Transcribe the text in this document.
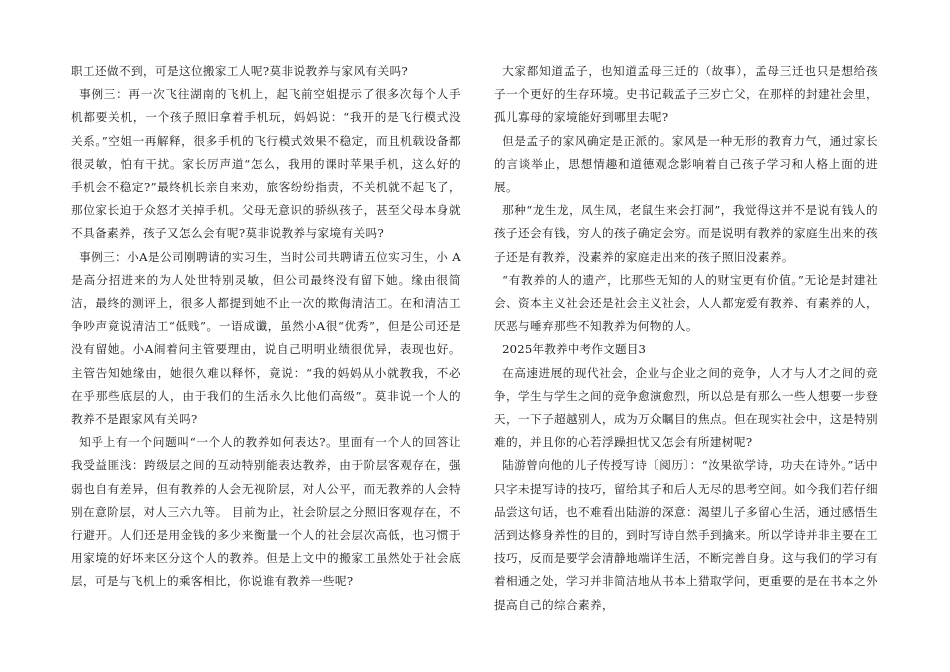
职工还做不到，可是这位搬家工人呢?莫非说教养与家风有关吗?

事例三：再一次飞往湖南的飞机上，起飞前空姐提示了很多次每个人手机都要关机，一个孩子照旧拿着手机玩，妈妈说：“我开的是飞行模式没关系。”空姐一再解释，很多手机的飞行模式效果不稳定，而且机载设备都很灵敏，怕有干扰。家长厉声道“怎么，我用的课时苹果手机，这么好的手机会不稳定?”最终机长亲自来劝，旅客纷纷指责，不关机就不起飞了，那位家长迫于众怒才关掉手机。父母无意识的骄纵孩子，甚至父母本身就不具备素养，孩子又怎么会有呢?莫非说教养与家境有关吗?

事例三：小A是公司刚聘请的实习生，当时公司共聘请五位实习生，小 A是高分招进来的为人处世特别灵敏，但公司最终没有留下她。缘由很简洁，最终的测评上，很多人都提到她不止一次的欺侮清洁工。在和清洁工争吵声竟说清洁工“低贱”。一语成谶，虽然小A很“优秀”，但是公司还是没有留她。小A闹着问主管要理由，说自己明明业绩很优异，表现也好。主管告知她缘由，她很久难以释怀，竟说：“我的妈妈从小就教我，不必在乎那些底层的人，由于我们的生活永久比他们高级”。莫非说一个人的教养不是跟家风有关吗?

知乎上有一个问题叫“一个人的教养如何表达?。里面有一个人的回答让我受益匪浅：跨级层之间的互动特别能表达教养，由于阶层客观存在，强弱也自有差异，但有教养的人会无视阶层，对人公平，而无教养的人会特别在意阶层，对人三六九等。 目前为止，社会阶层之分照旧客观存在，不行避开。人们还是用金钱的多少来衡量一个人的社会层次高低，也习惯于用家境的好坏来区分这个人的教养。但是上文中的搬家工虽然处于社会底层，可是与飞机上的乘客相比，你说谁有教养一些呢?

大家都知道孟子，也知道孟母三迁的（故事），孟母三迁也只是想给孩子一个更好的生存环境。史书记载孟子三岁亡父，在那样的封建社会里，孤儿寡母的家境能好到哪里去呢?

但是孟子的家风确定是正派的。家风是一种无形的教育力气，通过家长的言谈举止，思想情趣和道德观念影响着自己孩子学习和人格上面的进展。

那种“龙生龙，凤生凤，老鼠生来会打洞”，我觉得这并不是说有钱人的孩子还会有钱，穷人的孩子确定会穷。而是说明有教养的家庭生出来的孩子还是有教养，没素养的家庭走出来的孩子照旧没素养。

“有教养的人的遗产，比那些无知的人的财宝更有价值。”无论是封建社会、资本主义社会还是社会主义社会，人人都宠爱有教养、有素养的人，厌恶与唾弃那些不知教养为何物的人。

2025年教养中考作文题目3

在高速进展的现代社会，企业与企业之间的竞争，人才与人才之间的竞争，学生与学生之间的竞争愈演愈烈，所以总是有那么一些人想要一步登天，一下子超越别人，成为万众瞩目的焦点。但在现实社会中，这是特别　　　难的，并且你的心若浮躁担忧又怎会有所建树呢?

陆游曾向他的儿子传授写诗〔阅历〕：“汝果欲学诗，功夫在诗外。”话中只字未提写诗的技巧，留给其子和后人无尽的思考空间。如今我们若仔细品尝这句话，也不难看出陆游的深意：渴望儿子多留心生活，通过感悟生活到达修身养性的目的，到时写诗自然手到擒来。所以学诗并非主要在工技巧，反而是要学会清静地端详生活，不断完善自身。这与我们的学习有着相通之处，学习并非简洁地从书本上猎取学问，更重要的是在书本之外提高自己的综合素养，
